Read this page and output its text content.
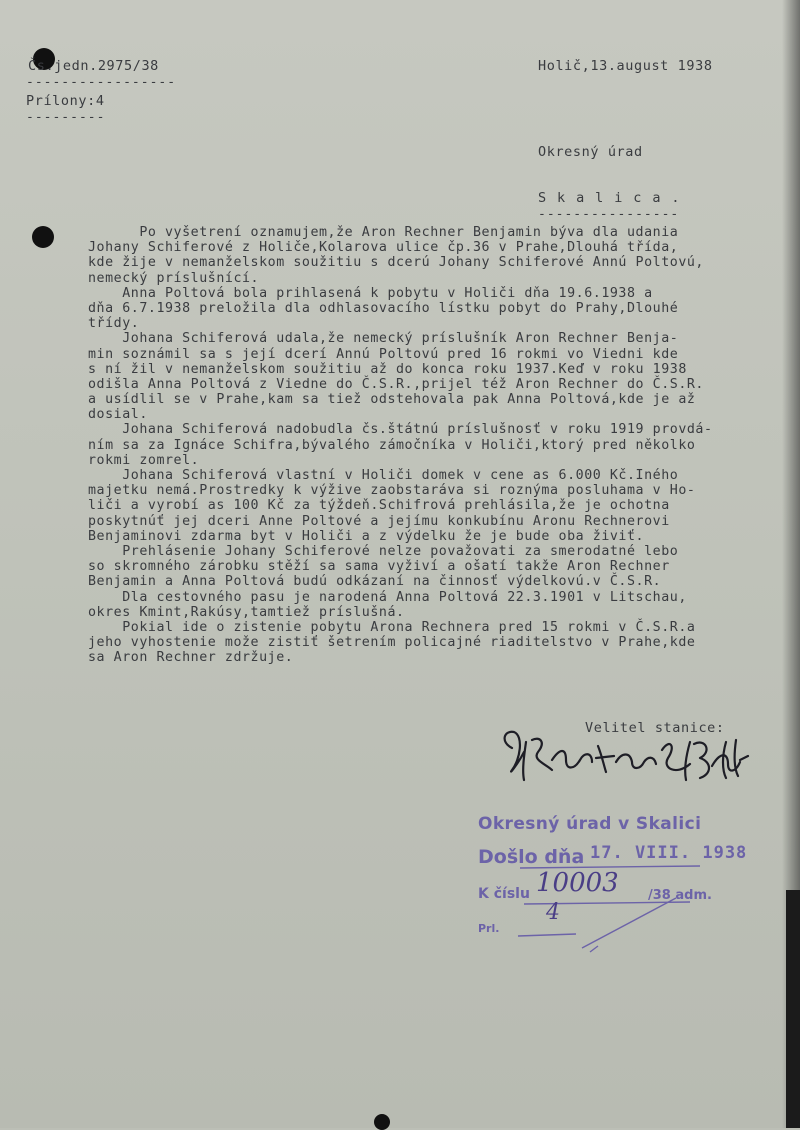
Čs.jedn.2975/38
-----------------
Prílony:4
---------
Holič,13.august 1938
Okresný úrad
S k a l i c a .
----------------
Po vyšetrení oznamujem,že Aron Rechner Benjamin býva dla udania
Johany Schiferové z Holiče,Kolarova ulice čp.36 v Prahe,Dlouhá třída,
kde žije v nemanželskom soužitiu s dcerú Johany Schiferové Annú Poltovú,
nemecký príslušnící.
Anna Poltová bola prihlasená k pobytu v Holiči dňa 19.6.1938 a
dňa 6.7.1938 preložila dla odhlasovacího lístku pobyt do Prahy,Dlouhé
třídy.
Johana Schiferová udala,že nemecký príslušník Aron Rechner Benja-
min soznámil sa s její dcerí Annú Poltovú pred 16 rokmi vo Viedni kde
s ní žil v nemanželskom soužitiu až do konca roku 1937.Keď v roku 1938
odišla Anna Poltová z Viedne do Č.S.R.,prijel též Aron Rechner do Č.S.R.
a usídlil se v Prahe,kam sa tiež odstehovala pak Anna Poltová,kde je až
dosial.
Johana Schiferová nadobudla čs.štátnú príslušnosť v roku 1919 provdá-
ním sa za Ignáce Schifra,bývalého zámočníka v Holiči,ktorý pred několko
rokmi zomrel.
Johana Schiferová vlastní v Holiči domek v cene as 6.000 Kč.Iného
majetku nemá.Prostredky k výžive zaobstaráva si roznýma posluhama v Ho-
liči a vyrobí as 100 Kč za týždeň.Schifrová prehlásila,že je ochotna
poskytnúť jej dceri Anne Poltové a jejímu konkubínu Aronu Rechnerovi
Benjaminovi zdarma byt v Holiči a z výdelku že je bude oba živiť.
Prehlásenie Johany Schiferové nelze považovati za smerodatné lebo
so skromného zárobku stěží sa sama vyživí a ošatí takže Aron Rechner
Benjamin a Anna Poltová budú odkázaní na činnosť výdelkovú.v Č.S.R.
Dla cestovného pasu je narodená Anna Poltová 22.3.1901 v Litschau,
okres Kmint,Rakúsy,tamtiež príslušná.
Pokial ide o zistenie pobytu Arona Rechnera pred 15 rokmi v Č.S.R.a
jeho vyhostenie može zistiť šetrením policajné riaditelstvo v Prahe,kde
sa Aron Rechner zdržuje.
Velitel stanice:
Okresný úrad v Skalici
Došlo dňa 17. VIII. 1938
K číslu 10003 /38 adm.
Prl.
4
